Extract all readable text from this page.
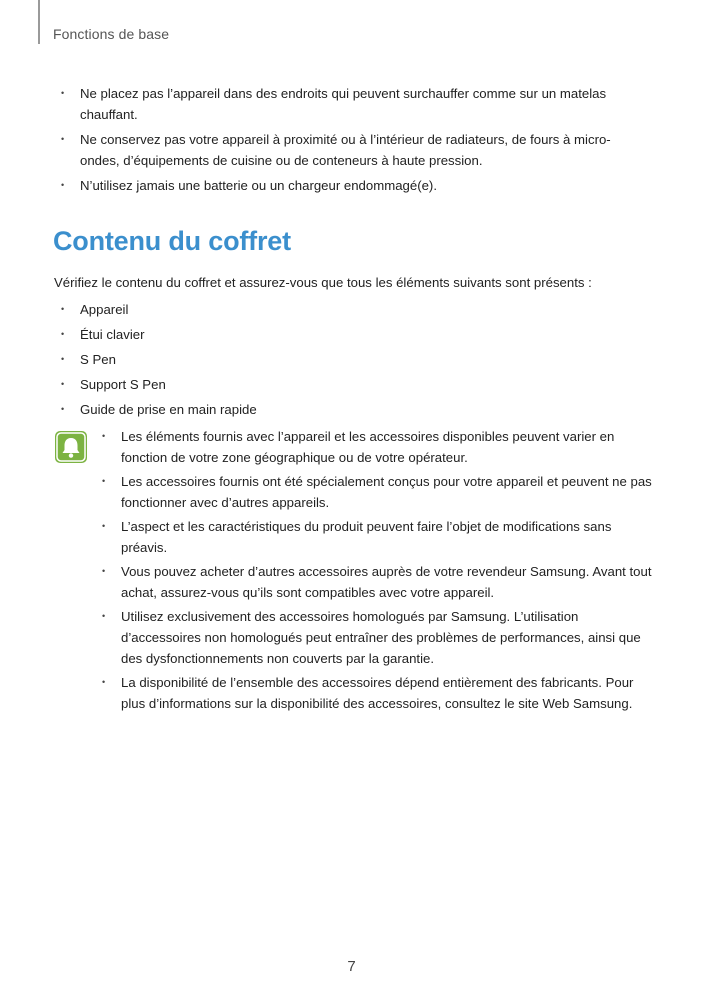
Fonctions de base
• Ne placez pas l’appareil dans des endroits qui peuvent surchauffer comme sur un matelas chauffant.
• Ne conservez pas votre appareil à proximité ou à l’intérieur de radiateurs, de fours à micro-ondes, d’équipements de cuisine ou de conteneurs à haute pression.
• N’utilisez jamais une batterie ou un chargeur endommagé(e).
Contenu du coffret
Vérifiez le contenu du coffret et assurez-vous que tous les éléments suivants sont présents :
• Appareil
• Étui clavier
• S Pen
• Support S Pen
• Guide de prise en main rapide
• Les éléments fournis avec l’appareil et les accessoires disponibles peuvent varier en fonction de votre zone géographique ou de votre opérateur.
• Les accessoires fournis ont été spécialement conçus pour votre appareil et peuvent ne pas fonctionner avec d’autres appareils.
• L’aspect et les caractéristiques du produit peuvent faire l’objet de modifications sans préavis.
• Vous pouvez acheter d’autres accessoires auprès de votre revendeur Samsung. Avant tout achat, assurez-vous qu’ils sont compatibles avec votre appareil.
• Utilisez exclusivement des accessoires homologués par Samsung. L’utilisation d’accessoires non homologués peut entraîner des problèmes de performances, ainsi que des dysfonctionnements non couverts par la garantie.
• La disponibilité de l’ensemble des accessoires dépend entièrement des fabricants. Pour plus d’informations sur la disponibilité des accessoires, consultez le site Web Samsung.
7
